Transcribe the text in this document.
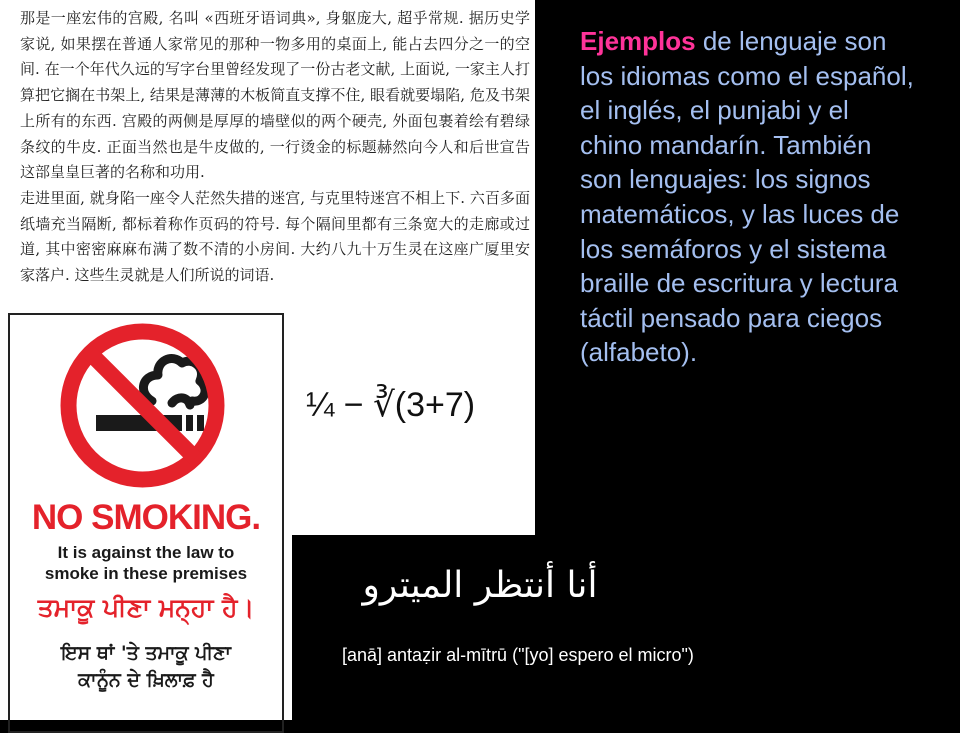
那是一座宏伟的宫殿, 名叫 «西班牙语词典», 身躯庞大, 超乎常规. 据历史学家说, 如果摆在普通人家常见的那种一物多用的桌面上, 能占去四分之一的空间. 在一个年代久远的写字台里曾经发现了一份古老文献, 上面说, 一家主人打算把它搁在书架上, 结果是薄薄的木板简直支撑不住, 眼看就要塌陷, 危及书架上所有的东西. 宫殿的两侧是厚厚的墙壁似的两个硬壳, 外面包裹着绘有碧绿条纹的牛皮. 正面当然也是牛皮做的, 一行烫金的标题赫然向今人和后世宣告这部皇皇巨著的名称和功用.

走进里面, 就身陷一座令人茫然失措的迷宫, 与克里特迷宫不相上下. 六百多面纸墙充当隔断, 都标着称作页码的符号. 每个隔间里都有三条宽大的走廊或过道, 其中密密麻麻布满了数不清的小房间. 大约八九十万生灵在这座广厦里安家落户. 这些生灵就是人们所说的词语.

¼ − ∛(3+7)
NO SMOKING.
It is against the law to
smoke in these premises
ਤਮਾਕੂ ਪੀਣਾ ਮਨ੍ਹਾ ਹੈ।
ਇਸ ਥਾਂ 'ਤੇ ਤਮਾਕੂ ਪੀਣਾ
ਕਾਨੂੰਨ ਦੇ ਖ਼ਿਲਾਫ਼ ਹੈ
Ejemplos de lenguaje son los idiomas como el español, el inglés, el punjabi y el chino mandarín. También son lenguajes: los signos matemáticos, y las luces de los semáforos y el sistema braille de escritura y lectura táctil pensado para ciegos (alfabeto).
أنا أنتظر الميترو
[anā] antaẓir al-mītrū ("[yo] espero el micro")
